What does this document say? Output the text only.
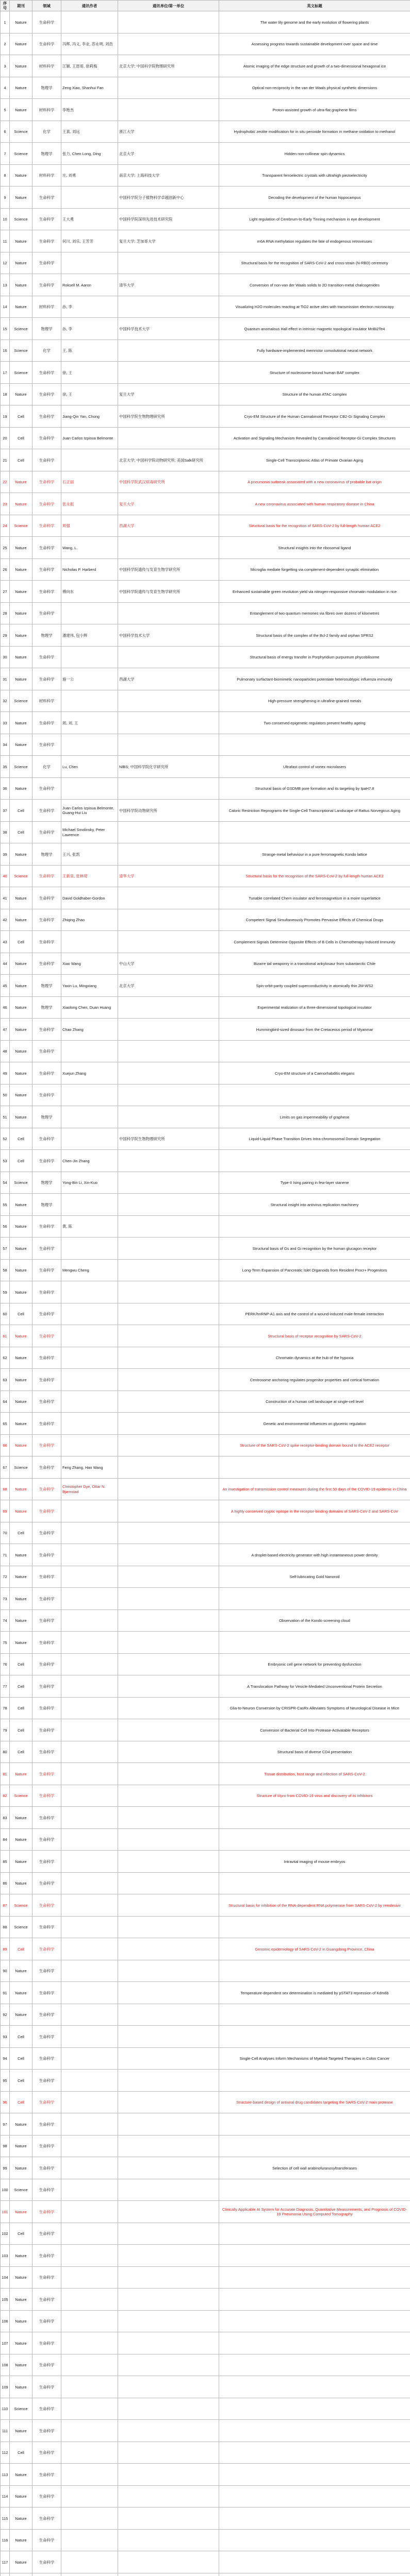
序号	期刊	领域	通讯作者	通讯单位/第一单位	英文标题
1	Nature	生命科学			The water lily genome and the early evolution of flowering plants
2	Nature	生命科学	冯辉, 冯义, 李业, 苏永明, 刘浩		Assessing progress towards sustainable development over space and time
3	Nature	材料科学	江颖, 王恩哥, 徐莉梅	北京大学; 中国科学院物理研究所	Atomic imaging of the edge structure and growth of a two-dimensional hexagonal ice
4	Nature	物理学	Zeng Xiao, Shanhui Fan		Optical non-reciprocity in the van der Waals physical synthetic dimensions
5	Nature	材料科学	李贻杰		Proton-assisted growth of ultra-flat graphene films
6	Science	化学	王真, 刘远	浙江大学	Hydrophobic zeolite modification for in situ peroxide formation in methane oxidation to methanol
7	Science	物理学	张力, Chen Long, Ding	北京大学	Hidden non-collinear spin dynamics
8	Nature	材料科学	庄, 刘勇	南京大学; 上海科技大学	Transparent ferroelectric crystals with ultrahigh piezoelectricity
9	Nature	生命科学		中国科学院分子植物科学卓越创新中心	Decoding the development of the human hippocampus
10	Science	生命科学	王大勇	中国科学院深圳先进技术研究院	Light regulation of Cerebrum-to-Early Tinning mechanism in eye development
11	Nature	生命科学	何川, 刘乐, 王芳芳	复旦大学; 芝加哥大学	m6A RNA methylation regulates the fate of endogenous retroviruses
12	Nature	生命科学			Structural basis for the recognition of SARS-CoV-2 and cross-strain (N-RBD) ceremony
13	Nature	生命科学	Roksell M. Aaron	清华大学	Conversion of non-van der Waals solids to 2D transition-metal chalcogenides
14	Nature	材料科学	孙, 李		Visualizing H2O molecules reacting at TiO2 active sites with transmission electron microscopy
15	Science	物理学	孙, 李	中国科学技术大学	Quantum anomalous Hall effect in intrinsic magnetic topological insulator MnBi2Te4
16	Science	化学	王, 陈		Fully hardware-implemented memristor convolutional neural network
17	Science	生命科学	徐, 王		Structure of nucleosome-bound human BAF complex
18	Nature	生命科学	徐, 王	复旦大学	Structure of the human ATAC complex
19	Cell	生命科学	Jiang-Qin Yan, Chong	中国科学院生物物理研究所	Cryo-EM Structure of the Human Cannabinoid Receptor CB2-Gi Signaling Complex
20	Cell	生命科学	Juan Carlos Izpisua Belmonte		Activation and Signaling Mechanism Revealed by Cannabinoid Receptor-Gi Complex Structures
21	Cell	生命科学		北京大学; 中国科学院动物研究所; 美国Salk研究所	Single-Cell Transcriptomic Atlas of Primate Ovarian Aging
22	Nature	生命科学	石正丽	中国科学院武汉病毒研究所	A pneumonia outbreak associated with a new coronavirus of probable bat origin
23	Nature	生命科学	张永振	复旦大学	A new coronavirus associated with human respiratory disease in China
24	Science	生命科学	周强	西湖大学	Structural basis for the recognition of SARS-CoV-2 by full-length human ACE2
25	Nature	生命科学	Wang, L.		Structural insights into the ribosomal ligand
26	Nature	生命科学	Nicholas P. Harberd	中国科学院遗传与发育生物学研究所	Microglia mediate forgetting via complement-dependent synaptic elimination
27	Nature	生命科学	傅向东	中国科学院遗传与发育生物学研究所	Enhanced sustainable green revolution yield via nitrogen-responsive chromatin modulation in rice
28	Nature	生命科学			Entanglement of two quantum memories via fibres over dozens of kilometres
29	Nature	物理学	潘建伟, 包小辉	中国科学技术大学	Structural basis of the complex of the Bcl-2 family and orphan SPRS2
30	Nature	生命科学			Structural basis of energy transfer in Porphyridium purpureum phycobilisome
31	Nature	生命科学	施一公	西湖大学	Pulmonary surfactant-biomimetic nanoparticles potentiate heterosubtypic influenza immunity
32	Science	材料科学			High-pressure strengthening in ultrafine-grained metals
33	Nature	生命科学	周, 刘, 王		Two conserved epigenetic regulators prevent healthy ageing
34	Nature	生命科学			
35	Science	化学	Lu, Chen	NIBS; 中国科学院化学研究所	Ultrafast control of vortex microlasers
36	Nature	生命科学			Structural basis of GSDMB pore formation and its targeting by IpaH7.8
37	Cell	生命科学	Juan Carlos Izpisua Belmonte, Guang-Hui Liu	中国科学院动物研究所	Caloric Restriction Reprograms the Single-Cell Transcriptional Landscape of Rattus Norvegicus Aging
38	Cell	生命科学	Michael Smolinsky, Peter Lawrence		
39	Nature	物理学	王兴, 张凯		Strange-metal behaviour in a pure ferromagnetic Kondo lattice
40	Science	生命科学	王新泉, 张林琦	清华大学	Structural basis for the recognition of the SARS-CoV-2 by full-length human ACE2
41	Nature	生命科学	David Goldhaber-Gordon		Tunable correlated Chern insulator and ferromagnetism in a moire superlattice
42	Nature	生命科学	Zhiqing Zhao		Competent Signal Simultaneously Promotes Pervasive Effects of Chemical Drugs
43	Cell	生命科学			Complement Signals Determine Opposite Effects of B Cells in Chemotherapy-Induced Immunity
44	Nature	生命科学	Xiao Wang	中山大学	Bizarre tail weaponry in a transitional ankylosaur from subantarctic Chile
45	Nature	物理学	Yaxin Lu, Mingxiang	北京大学	Spin-orbit-parity coupled superconductivity in atomically thin 2M-WS2
46	Nature	物理学	Xiaolong Chen, Duan Huang		Experimental realization of a three-dimensional topological insulator
47	Nature	生命科学	Chao Zhang		Hummingbird-sized dinosaur from the Cretaceous period of Myanmar
48	Nature	生命科学			
49	Nature	生命科学	Xuejun Zhang		Cryo-EM structure of a Caenorhabditis elegans
50	Nature	生命科学			
51	Nature	物理学			Limits on gas impermeability of graphene
52	Cell	生命科学		中国科学院生物物理研究所	Liquid-Liquid Phase Transition Drives Intra-chromosomal Domain Segregation
53	Cell	生命科学	Chen-Jin Zhang		
54	Science	物理学	Yong-Bin Li, Xin-Kuo		Type-II Ising pairing in few-layer stanene
55	Nature	物理学			Structural insight into antivirus replication machinery
56	Nature	生命科学	黄, 陈		
57	Nature	生命科学			Structural basis of Gs and Gi recognition by the human glucagon receptor
58	Nature	生命科学	Mengwu Cheng		Long-Term Expansion of Pancreatic Islet Organoids from Resident Procr+ Progenitors
59	Nature	生命科学			
60	Cell	生命科学			PERK/hnRNP-A1 axis and the control of a wound-induced male-female interaction
61	Nature	生命科学			Structural basis of receptor recognition by SARS-CoV-2
62	Nature	生命科学			Chromatin dynamics at the hub of the hypoxia
63	Nature	生命科学			Centrosome anchoring regulates progenitor properties and cortical formation
64	Nature	生命科学			Construction of a human cell landscape at single-cell level
65	Nature	生命科学			Genetic and environmental influences on glycemic regulation
66	Nature	生命科学			Structure of the SARS-CoV-2 spike receptor-binding domain bound to the ACE2 receptor
67	Science	生命科学	Feng Zhang, Han Wang		
68	Nature	生命科学	Christopher Dye, Ottar N. Bjørnstad		An investigation of transmission control measures during the first 50 days of the COVID-19 epidemic in China
69	Nature	生命科学			A highly conserved cryptic epitope in the receptor-binding domains of SARS-CoV-2 and SARS-CoV
70	Cell	生命科学			
71	Nature	生命科学			A droplet-based electricity generator with high instantaneous power density
72	Nature	生命科学			Self-lubricating Gold Nanorod
73	Nature	生命科学			
74	Nature	生命科学			Observation of the Kondo screening cloud
75	Nature	生命科学			
76	Cell	生命科学			Embryonic cell gene network for preventing dysfunction
77	Cell	生命科学			A Translocation Pathway for Vesicle-Mediated Unconventional Protein Secretion
78	Cell	生命科学			Glia-to-Neuron Conversion by CRISPR-CasRx Alleviates Symptoms of Neurological Disease in Mice
79	Cell	生命科学			Conversion of Bacterial Cell Into Protease-Activatable Receptors
80	Cell	生命科学			Structural basis of diverse CD4 presentation
81	Nature	生命科学			Tissue distribution, host range and infection of SARS-CoV-2
82	Science	生命科学			Structure of Mpro from COVID-19 virus and discovery of its inhibitors
83	Nature	生命科学			
84	Nature	生命科学			
85	Nature	生命科学			Intravital imaging of mouse embryos
86	Nature	生命科学			
87	Science	生命科学			Structural basis for inhibition of the RNA-dependent RNA polymerase from SARS-CoV-2 by remdesivir
88	Science	生命科学			
89	Cell	生命科学			Genomic epidemiology of SARS-CoV-2 in Guangdong Province, China
90	Nature	生命科学			
91	Nature	生命科学			Temperature-dependent sex determination is mediated by pSTAT3 repression of Kdm6b
92	Nature	生命科学			
93	Cell	生命科学			
94	Cell	生命科学			Single-Cell Analyses Inform Mechanisms of Myeloid-Targeted Therapies in Colon Cancer
95	Cell	生命科学			
96	Cell	生命科学			Structure-based design of antiviral drug candidates targeting the SARS-CoV-2 main protease
97	Nature	生命科学			
98	Nature	生命科学			
99	Nature	生命科学			Selection of cell wall arabinofuranosyltransferases
100	Science	生命科学			
101	Nature	生命科学			Clinically Applicable AI System for Accurate Diagnosis, Quantitative Measurements, and Prognosis of COVID-19 Pneumonia Using Computed Tomography
102	Cell	生命科学			
103	Nature	生命科学			
104	Nature	生命科学			
105	Nature	生命科学			
106	Nature	生命科学			
107	Nature	生命科学			
108	Nature	生命科学			
109	Nature	生命科学			
110	Science	生命科学			
111	Nature	生命科学			
112	Cell	生命科学			
113	Nature	生命科学			
114	Nature	生命科学			
115	Nature	生命科学			
116	Nature	生命科学			
117	Nature	生命科学			
